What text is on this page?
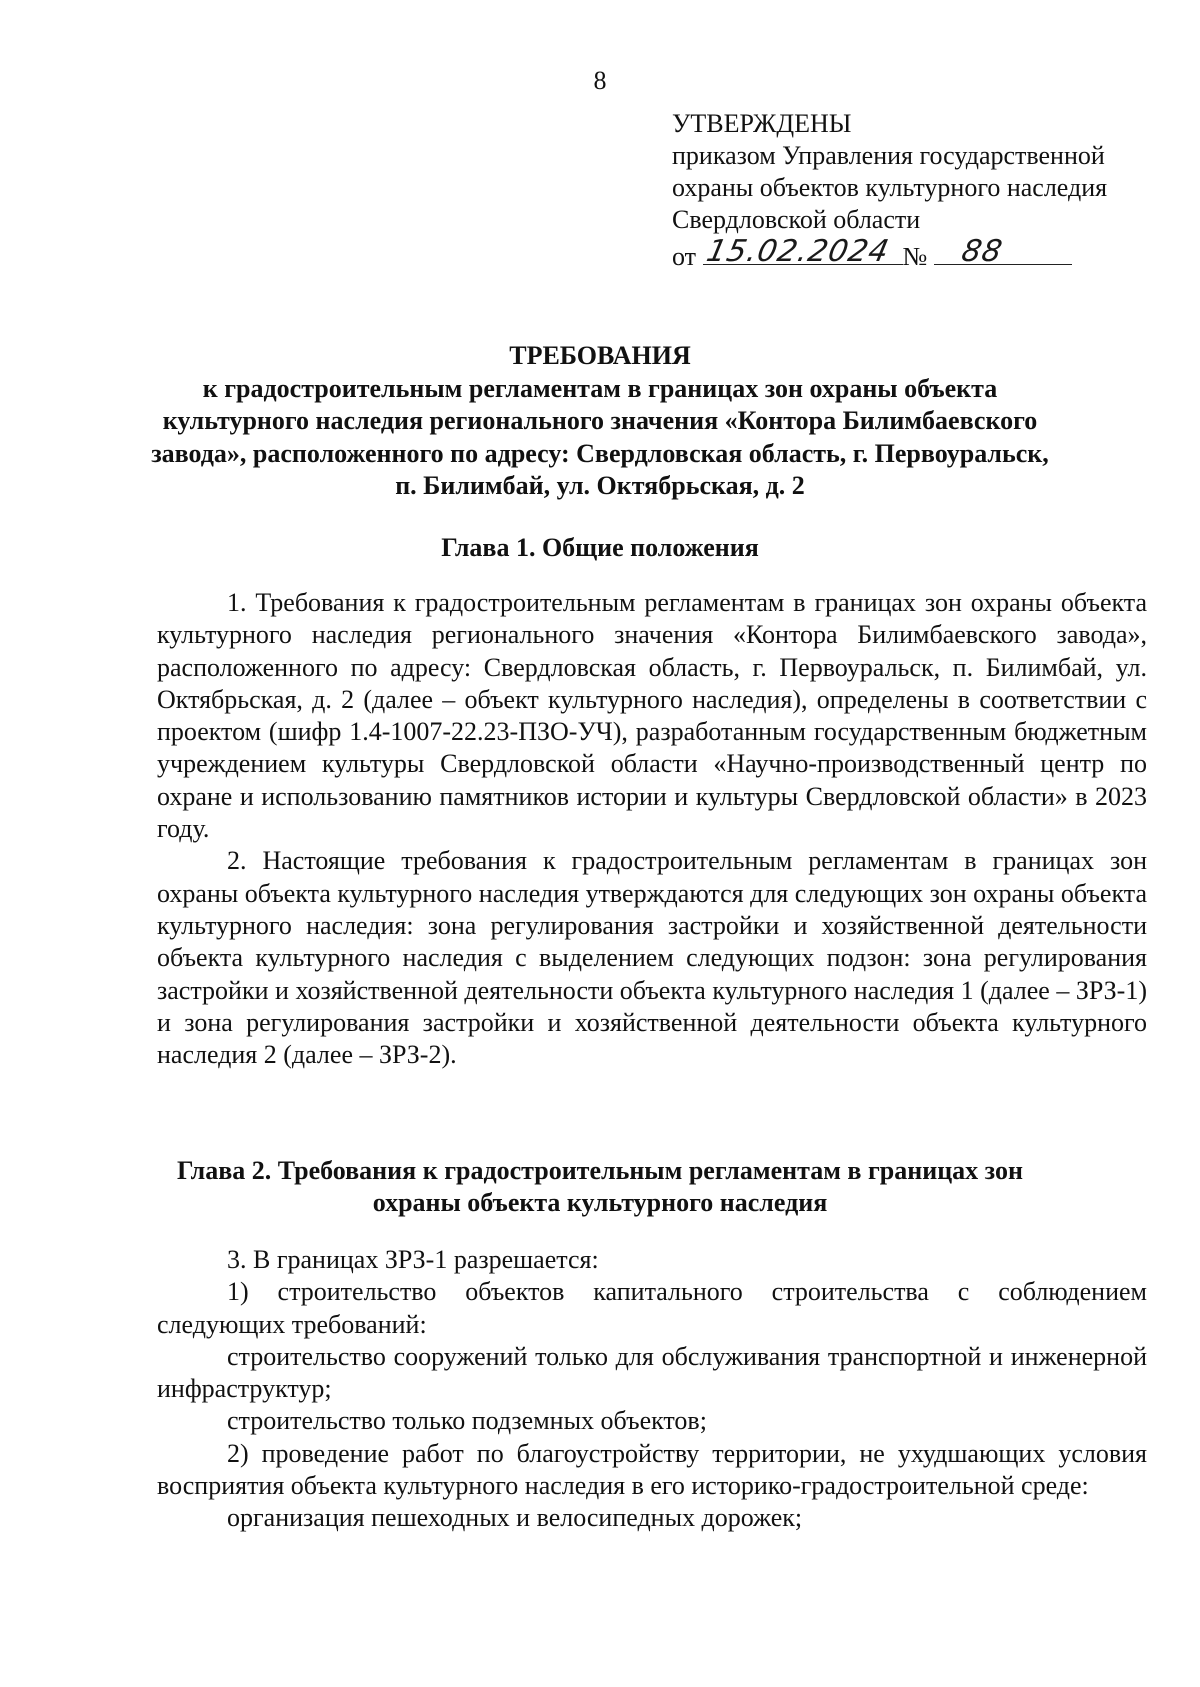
8
УТВЕРЖДЕНЫ
приказом Управления государственной
охраны объектов культурного наследия
Свердловской области
от 15.02.2024 № 88
ТРЕБОВАНИЯ
к градостроительным регламентам в границах зон охраны объекта культурного наследия регионального значения «Контора Билимбаевского завода», расположенного по адресу: Свердловская область, г. Первоуральск, п. Билимбай, ул. Октябрьская, д. 2
Глава 1. Общие положения

1. Требования к градостроительным регламентам в границах зон охраны объекта культурного наследия регионального значения «Контора Билимбаевского завода», расположенного по адресу: Свердловская область, г. Первоуральск, п. Билимбай, ул. Октябрьская, д. 2 (далее – объект культурного наследия), определены в соответствии с проектом (шифр 1.4-1007-22.23-ПЗО-УЧ), разработанным государственным бюджетным учреждением культуры Свердловской области «Научно-производственный центр по охране и использованию памятников истории и культуры Свердловской области» в 2023 году.

2. Настоящие требования к градостроительным регламентам в границах зон охраны объекта культурного наследия утверждаются для следующих зон охраны объекта культурного наследия: зона регулирования застройки и хозяйственной деятельности объекта культурного наследия с выделением следующих подзон: зона регулирования застройки и хозяйственной деятельности объекта культурного наследия 1 (далее – ЗРЗ-1) и зона регулирования застройки и хозяйственной деятельности объекта культурного наследия 2 (далее – ЗРЗ-2).

Глава 2. Требования к градостроительным регламентам в границах зон охраны объекта культурного наследия

3. В границах ЗРЗ-1 разрешается:

1) строительство объектов капитального строительства с соблюдением следующих требований:

строительство сооружений только для обслуживания транспортной и инженерной инфраструктур;

строительство только подземных объектов;

2) проведение работ по благоустройству территории, не ухудшающих условия восприятия объекта культурного наследия в его историко-градостроительной среде:

организация пешеходных и велосипедных дорожек;
